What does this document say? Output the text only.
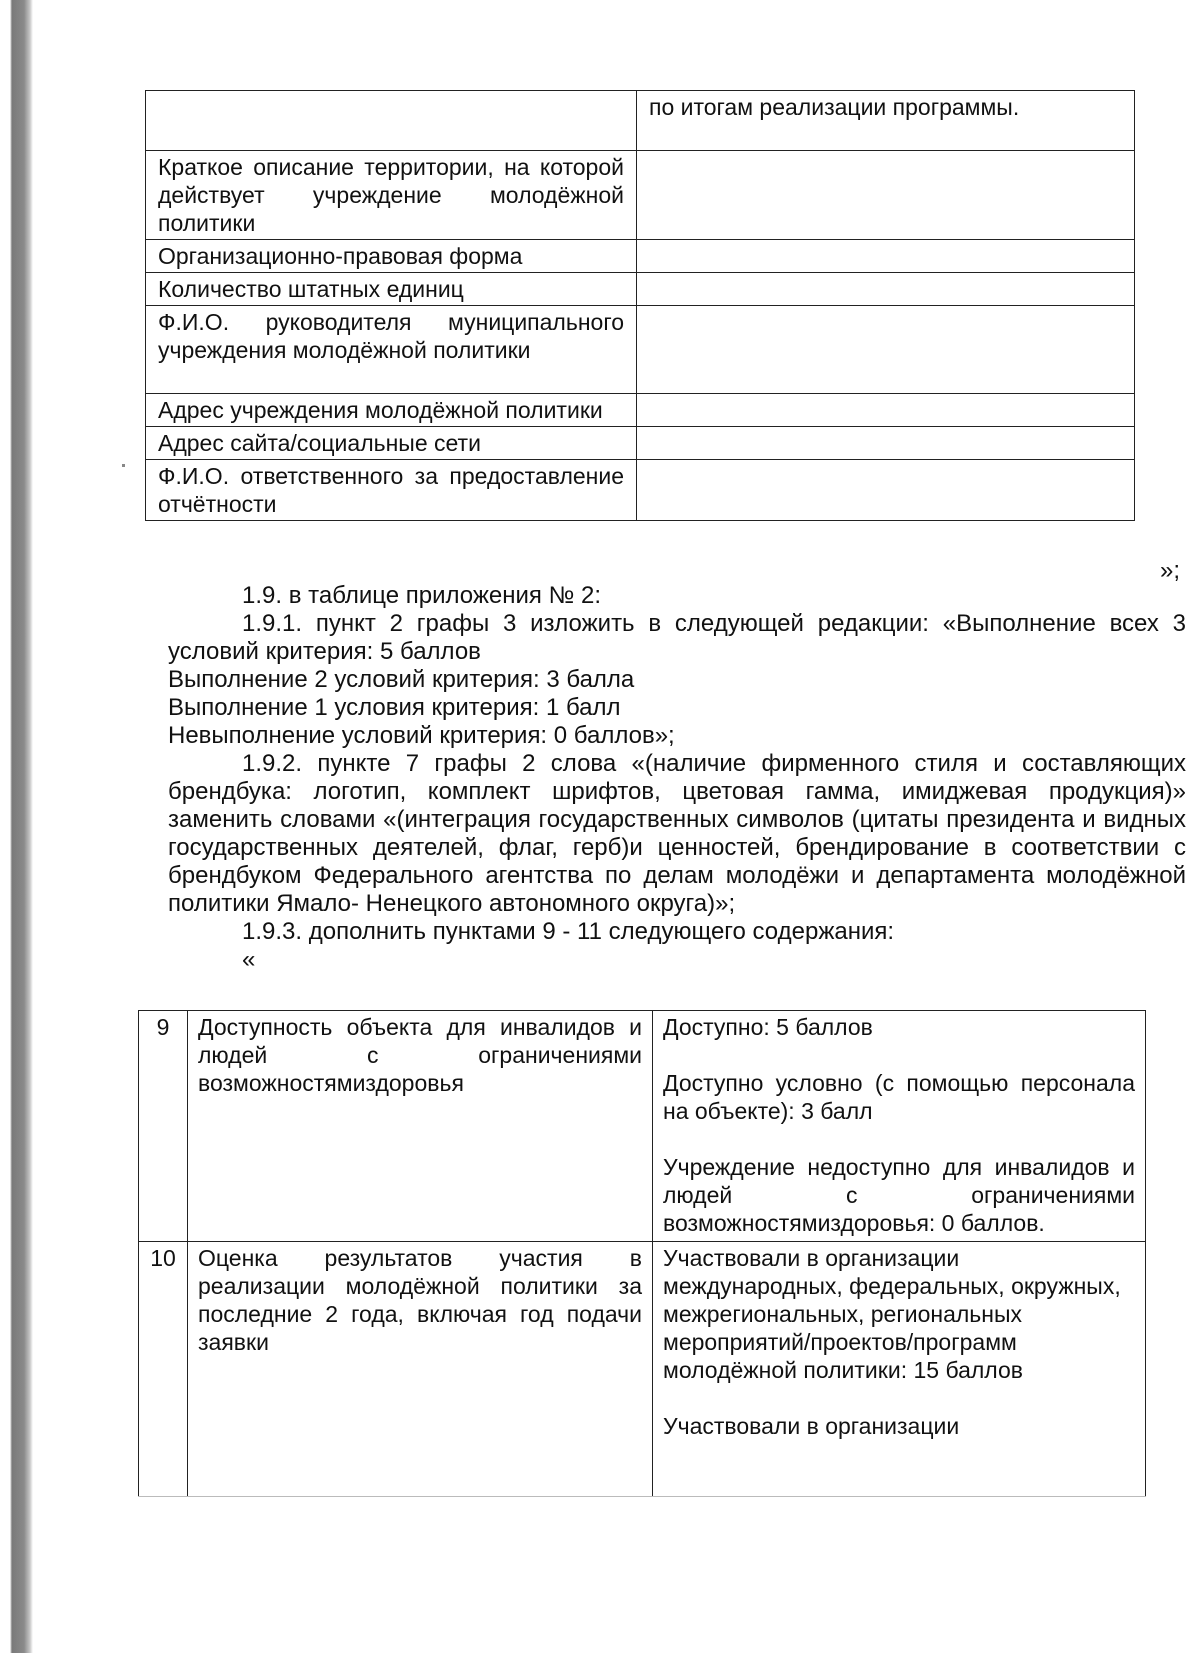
	по итогам реализации программы.
Краткое описание территории, на которой действует учреждение молодёжной политики	
Организационно-правовая форма	
Количество штатных единиц	
Ф.И.О. руководителя муниципального учреждения молодёжной политики	
Адрес учреждения молодёжной политики	
Адрес сайта/социальные сети	
Ф.И.О. ответственного за предоставление отчётности	
»;

1.9. в таблице приложения № 2:

1.9.1. пункт 2 графы 3 изложить в следующей редакции: «Выполнение всех 3 условий критерия: 5 баллов

Выполнение 2 условий критерия: 3 балла

Выполнение 1 условия критерия: 1 балл

Невыполнение условий критерия: 0 баллов»;

1.9.2. пункте 7 графы 2 слова «(наличие фирменного стиля и составляющих брендбука: логотип, комплект шрифтов, цветовая гамма, имиджевая продукция)» заменить словами «(интеграция государственных символов (цитаты президента и видных государственных деятелей, флаг, герб)и ценностей, брендирование в соответствии с брендбуком Федерального агентства по делам молодёжи и департамента молодёжной политики Ямало- Ненецкого автономного округа)»;

1.9.3. дополнить пунктами 9 - 11 следующего содержания:

«

9	Доступность объекта для инвалидов и людей с ограничениями возможностямиздоровья	Доступно: 5 баллов

Доступно условно (с помощью персонала на объекте): 3 балл

Учреждение недоступно для инвалидов и людей с ограничениями возможностямиздоровья: 0 баллов.

10	Оценка результатов участия в реализации молодёжной политики за последние 2 года, включая год подачи заявки	Участвовали в организации международных, федеральных, окружных, межрегиональных, региональных мероприятий/проектов/программ молодёжной политики: 15 баллов

Участвовали в организации
